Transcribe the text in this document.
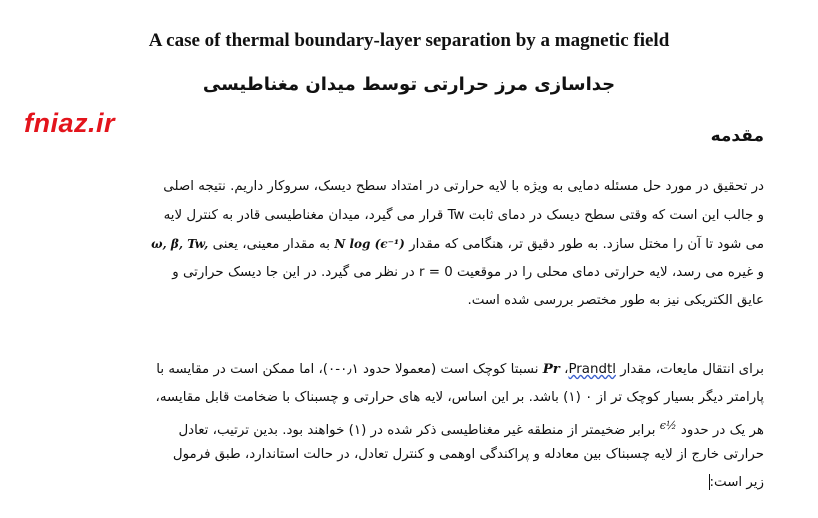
A case of thermal boundary-layer separation by a magnetic field
جداسازی مرز حرارتی توسط میدان مغناطیسی
fniaz.ir	مقدمه
در تحقیق در مورد حل مسئله دمایی به ویژه با لایه حرارتی در امتداد سطح دیسک، سروکار داریم. نتیجه اصلی
و جالب این است که وقتی سطح دیسک در دمای ثابت Tw قرار می گیرد، میدان مغناطیسی قادر به کنترل لایه
می شود تا آن را مختل سازد. به طور دقیق تر، هنگامی که مقدار N log (ϵ⁻¹) به مقدار معینی، یعنی ω, β, Tw,
و غیره می رسد، لایه حرارتی دمای محلی را در موقعیت r = 0 در نظر می گیرد. در این جا دیسک حرارتی و
عایق الکتریکی نیز به طور مختصر بررسی شده است.
برای انتقال مایعات، مقدار Prandtl، Pr نسبتا کوچک است (معمولا حدود ۰٫۱-۰)، اما ممکن است در مقایسه با
پارامتر دیگر بسیار کوچک تر از ۰ (۱) باشد. بر این اساس، لایه های حرارتی و چسبناک با ضخامت قابل مقایسه،
هر یک در حدود $^{\epsilon\frac{1}{2}}$ برابر ضخیمتر از منطقه غیر مغناطیسی ذکر شده در (۱) خواهند بود. بدین ترتیب، تعادل
حرارتی خارج از لایه چسبناک بین معادله و پراکندگی اوهمی و کنترل تعادل، در حالت استاندارد، طبق فرمول
زیر است:
